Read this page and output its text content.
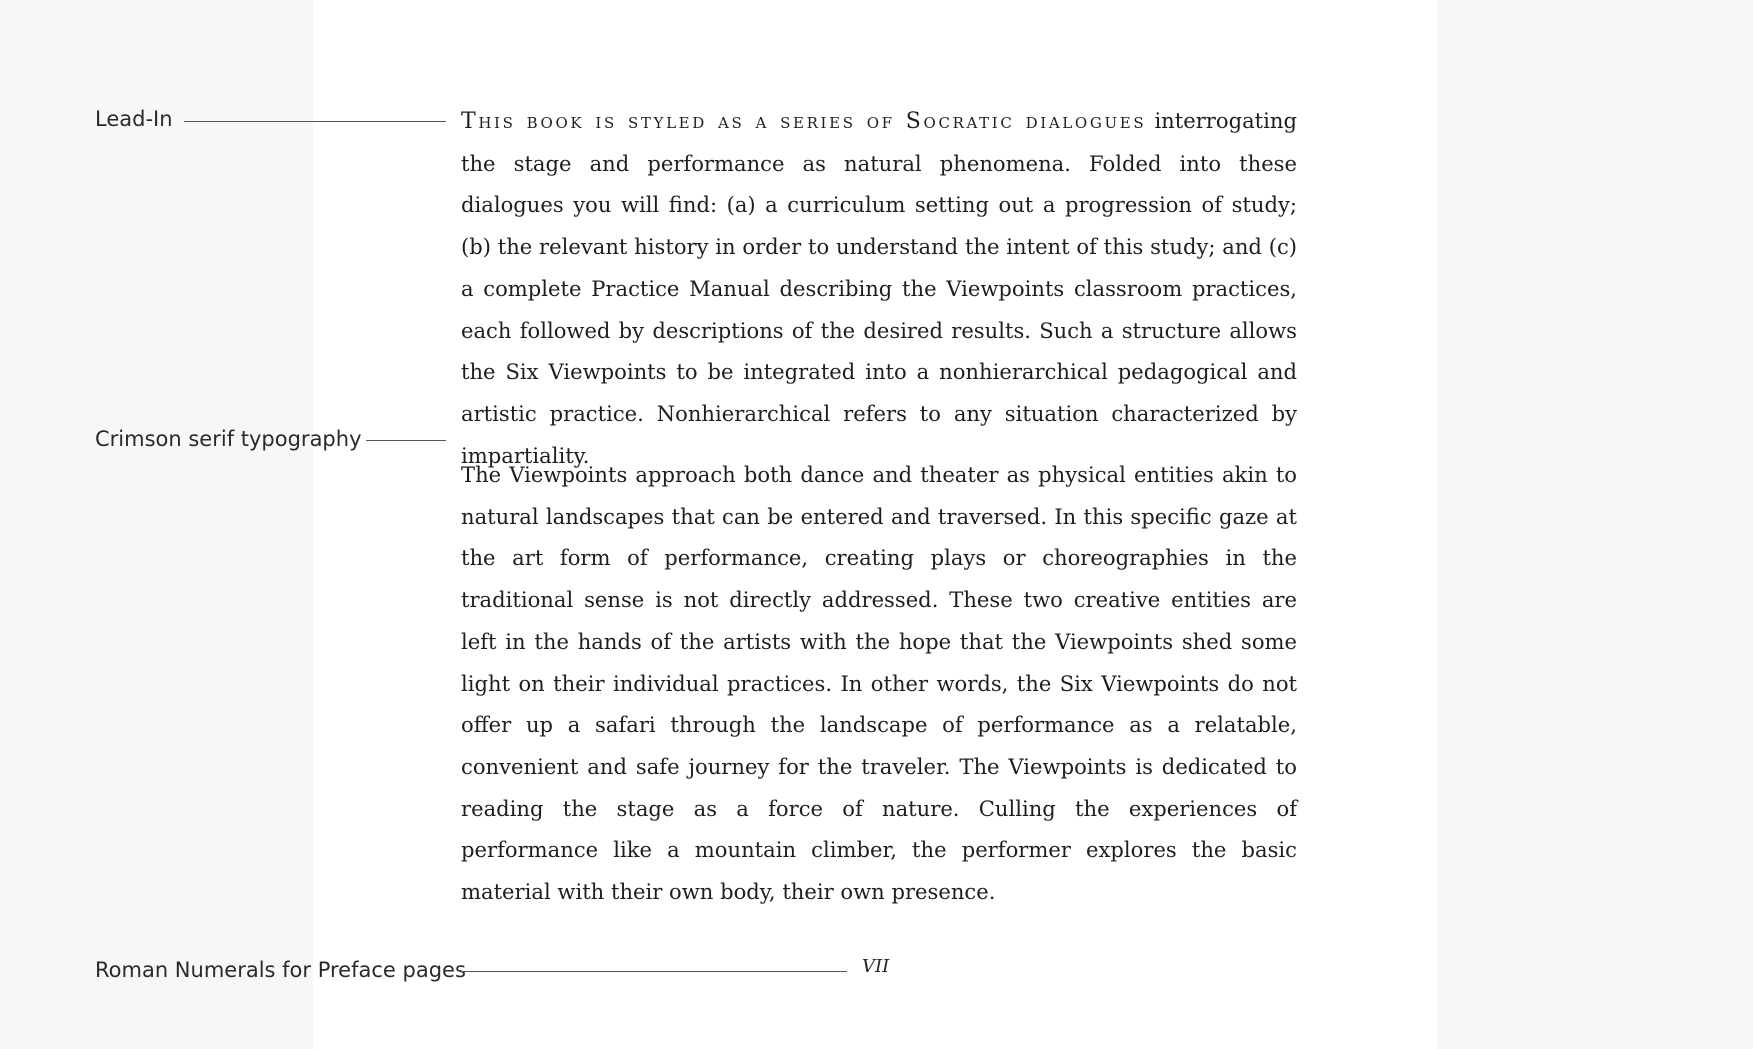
Lead-In
Crimson serif typography
Roman Numerals for Preface pages

This book is styled as a series of Socratic dialogues interrogating the stage and performance as natural phenomena. Folded into these dialogues you will find: (a) a curriculum setting out a progression of study; (b) the relevant history in order to understand the intent of this study; and (c) a complete Practice Manual describing the Viewpoints classroom practices, each followed by descriptions of the desired results. Such a structure allows the Six Viewpoints to be integrated into a nonhierarchical pedagogical and artistic practice. Nonhierarchical refers to any situation characterized by impartiality.

The Viewpoints approach both dance and theater as physical entities akin to natural landscapes that can be entered and traversed. In this specific gaze at the art form of performance, creating plays or choreographies in the traditional sense is not directly addressed. These two creative entities are left in the hands of the artists with the hope that the Viewpoints shed some light on their individual practices. In other words, the Six Viewpoints do not offer up a safari through the landscape of performance as a relatable, convenient and safe journey for the traveler. The Viewpoints is dedicated to reading the stage as a force of nature. Culling the experiences of performance like a mountain climber, the performer explores the basic material with their own body, their own presence.

VII
